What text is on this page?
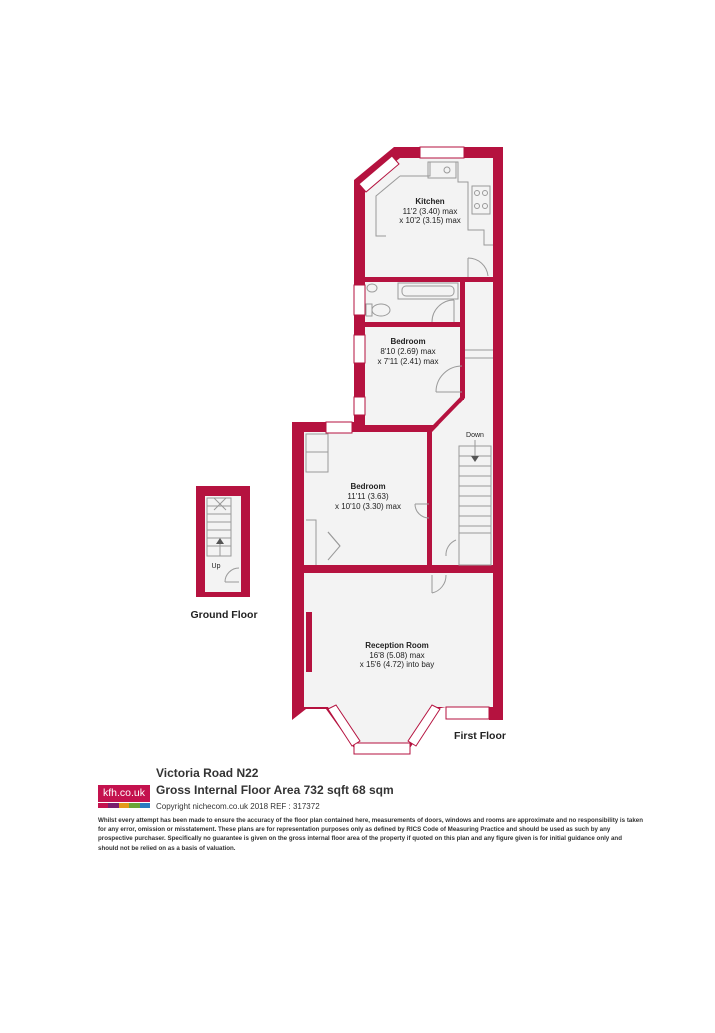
Kitchen
11'2 (3.40) max
x 10'2 (3.15) max
Bedroom
8'10 (2.69) max
x 7'11 (2.41) max
Bedroom
11'11 (3.63)
x 10'10 (3.30) max
Reception Room
16'8 (5.08) max
x 15'6 (4.72) into bay
Down
Up
Ground Floor
First Floor
Victoria Road N22
Gross Internal Floor Area 732 sqft 68 sqm
Copyright nichecom.co.uk 2018 REF : 317372
kfh.co.uk
Whilst every attempt has been made to ensure the accuracy of the floor plan contained here, measurements of doors, windows and rooms are approximate and no responsibility is taken for any error, omission or misstatement. These plans are for representation purposes only as defined by RICS Code of Measuring Practice and should be used as such by any prospective purchaser. Specifically no guarantee is given on the gross internal floor area of the property if quoted on this plan and any figure given is for initial guidance only and should not be relied on as a basis of valuation.
